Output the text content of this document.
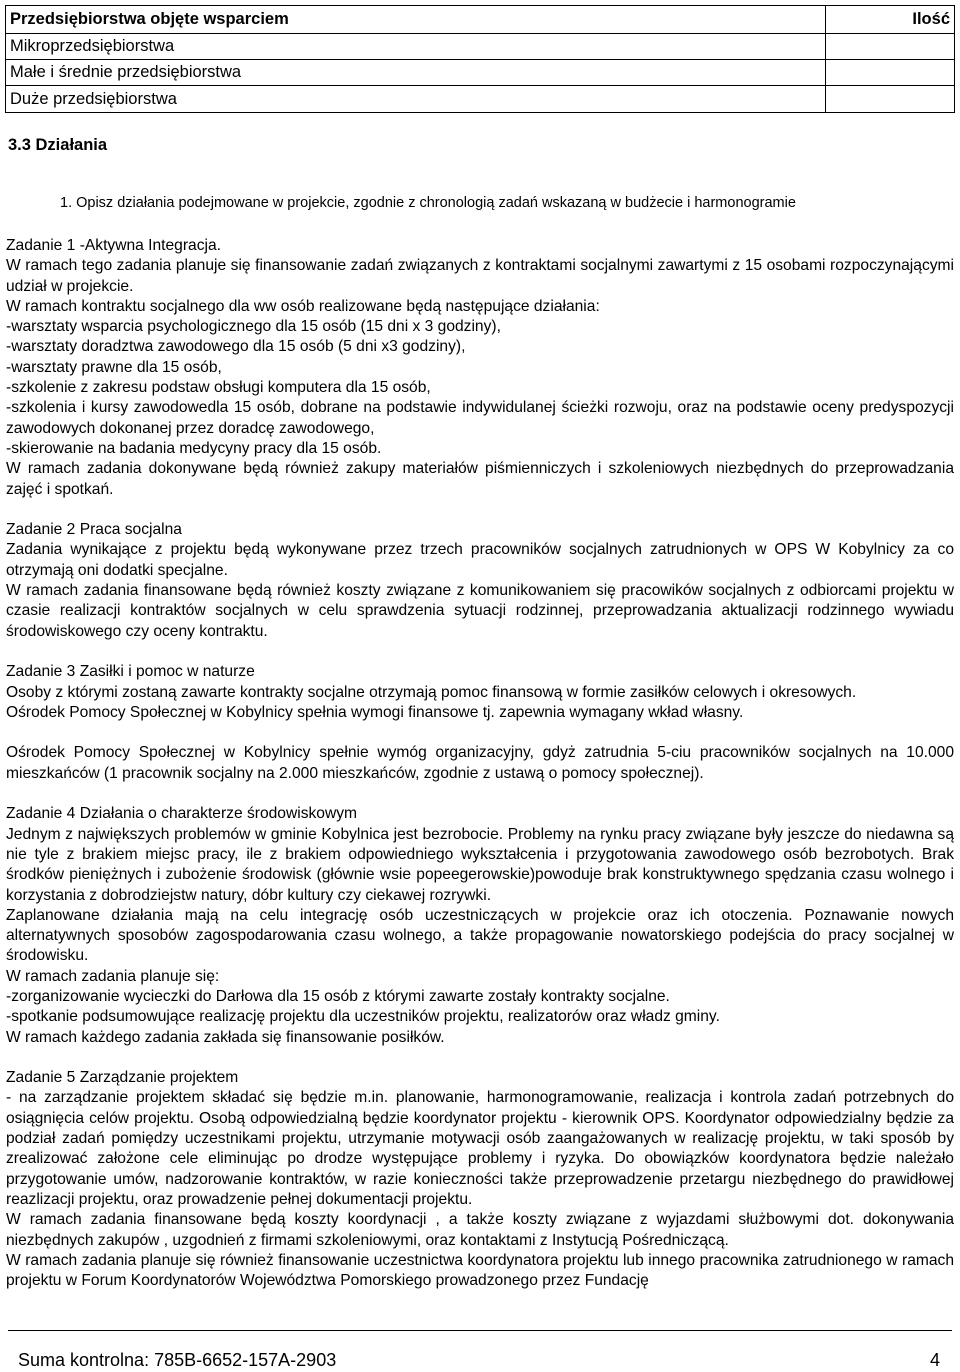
Przedsiębiorstwa objęte wsparciem	Ilość
Mikroprzedsiębiorstwa	
Małe i średnie przedsiębiorstwa	
Duże przedsiębiorstwa	
3.3 Działania

1. Opisz działania podejmowane w projekcie, zgodnie z chronologią zadań wskazaną w budżecie i harmonogramie

Zadanie 1 -Aktywna Integracja.

W ramach tego zadania planuje się finansowanie zadań związanych z kontraktami socjalnymi zawartymi z 15 osobami rozpoczynającymi udział w projekcie.

W ramach kontraktu socjalnego dla ww osób realizowane będą następujące działania:

-warsztaty wsparcia psychologicznego dla 15 osób (15 dni x 3 godziny),

-warsztaty doradztwa zawodowego dla 15 osób (5 dni x3 godziny),

-warsztaty prawne dla 15 osób,

-szkolenie z zakresu podstaw obsługi komputera dla 15 osób,

-szkolenia i kursy zawodowedla 15 osób, dobrane na podstawie indywidulanej ścieżki rozwoju, oraz na podstawie oceny predyspozycji zawodowych dokonanej przez doradcę zawodowego,

-skierowanie na badania medycyny pracy dla 15 osób.

W ramach zadania dokonywane będą również zakupy materiałów piśmienniczych i szkoleniowych niezbędnych do przeprowadzania zajęć i spotkań.

Zadanie 2 Praca socjalna

Zadania wynikające z projektu będą wykonywane przez trzech pracowników socjalnych zatrudnionych w OPS W Kobylnicy za co otrzymają oni dodatki specjalne.

W ramach zadania finansowane będą również koszty związane z komunikowaniem się pracowików socjalnych z odbiorcami projektu w czasie realizacji kontraktów socjalnych w celu sprawdzenia sytuacji rodzinnej, przeprowadzania aktualizacji rodzinnego wywiadu środowiskowego czy oceny kontraktu.

Zadanie 3 Zasiłki i pomoc w naturze

Osoby z którymi zostaną zawarte kontrakty socjalne otrzymają pomoc finansową w formie zasiłków celowych i okresowych.

Ośrodek Pomocy Społecznej w Kobylnicy spełnia wymogi finansowe tj. zapewnia wymagany wkład własny.

Ośrodek Pomocy Społecznej w Kobylnicy spełnie wymóg organizacyjny, gdyż zatrudnia 5-ciu pracowników socjalnych na 10.000 mieszkańców (1 pracownik socjalny na 2.000 mieszkańców, zgodnie z ustawą o pomocy społecznej).

Zadanie 4 Działania o charakterze środowiskowym

Jednym z największych problemów w gminie Kobylnica jest bezrobocie. Problemy na rynku pracy związane były jeszcze do niedawna są nie tyle z brakiem miejsc pracy, ile z brakiem odpowiedniego wykształcenia i przygotowania zawodowego osób bezrobotych. Brak środków pieniężnych i zubożenie środowisk (głównie wsie popeegerowskie)powoduje brak konstruktywnego spędzania czasu wolnego i korzystania z dobrodziejstw natury, dóbr kultury czy ciekawej rozrywki.

Zaplanowane działania mają na celu integrację osób uczestniczących w projekcie oraz ich otoczenia. Poznawanie nowych alternatywnych sposobów zagospodarowania czasu wolnego, a także propagowanie nowatorskiego podejścia do pracy socjalnej w środowisku.

W ramach zadania planuje się:

-zorganizowanie wycieczki do Darłowa dla 15 osób z którymi zawarte zostały kontrakty socjalne.

-spotkanie podsumowujące realizację projektu dla uczestników projektu, realizatorów oraz władz gminy.

W ramach każdego zadania zakłada się finansowanie posiłków.

Zadanie 5 Zarządzanie projektem

- na zarządzanie projektem składać się będzie m.in. planowanie, harmonogramowanie, realizacja i kontrola zadań potrzebnych do osiągnięcia celów projektu. Osobą odpowiedzialną będzie koordynator projektu - kierownik OPS. Koordynator odpowiedzialny będzie za podział zadań pomiędzy uczestnikami projektu, utrzymanie motywacji osób zaangażowanych w realizację projektu, w taki sposób by zrealizować założone cele eliminując po drodze występujące problemy i ryzyka. Do obowiązków koordynatora będzie należało przygotowanie umów, nadzorowanie kontraktów, w razie konieczności także przeprowadzenie przetargu niezbędnego do prawidłowej reazlizacji projektu, oraz prowadzenie pełnej dokumentacji projektu.

W ramach zadania finansowane będą koszty koordynacji , a także koszty związane z wyjazdami służbowymi dot. dokonywania niezbędnych zakupów , uzgodnień z firmami szkoleniowymi, oraz kontaktami z Instytucją Pośredniczącą.

W ramach zadania planuje się również finansowanie uczestnictwa koordynatora projektu lub innego pracownika zatrudnionego w ramach projektu w Forum Koordynatorów Województwa Pomorskiego prowadzonego przez Fundację

Suma kontrolna: 785B-6652-157A-2903	4
